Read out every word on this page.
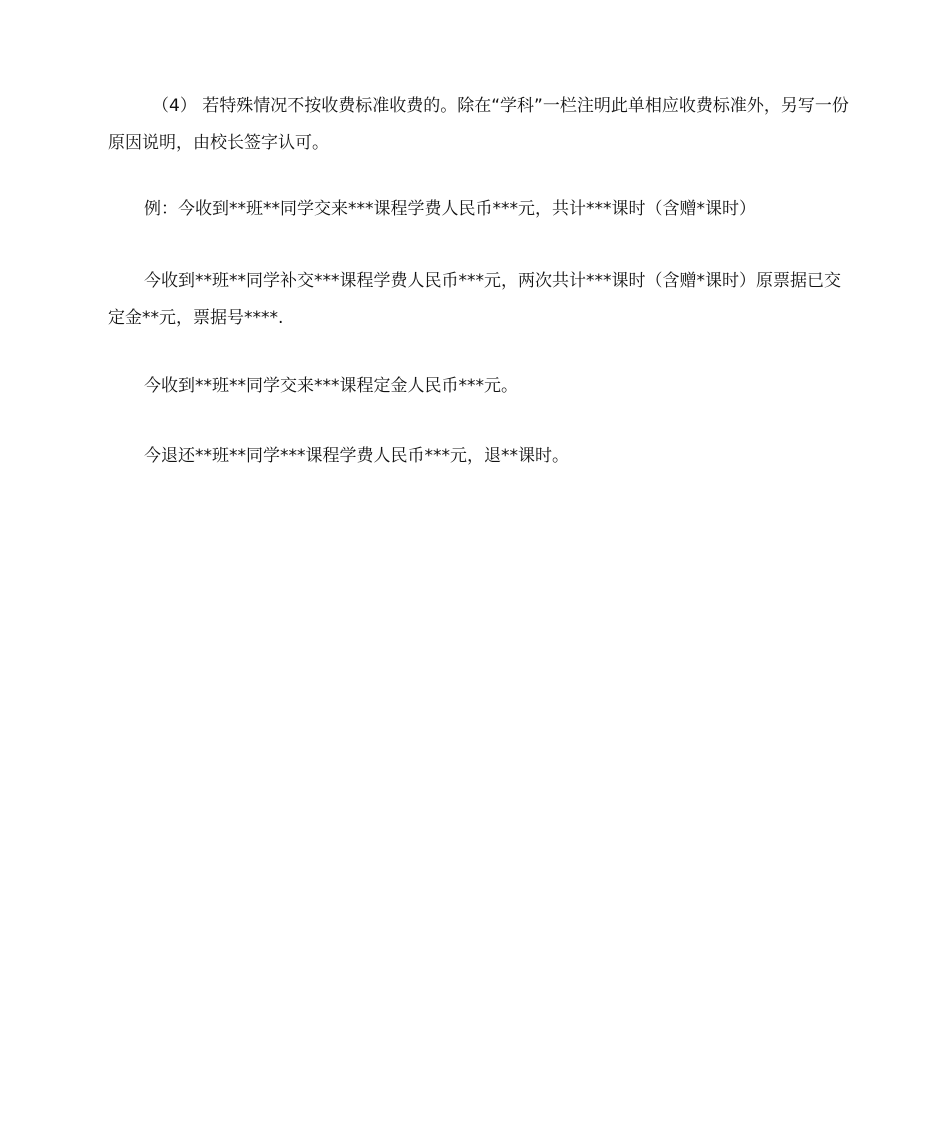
（4） 若特殊情况不按收费标准收费的。除在“学科”一栏注明此单相应收费标准外，另写一份原因说明，由校长签字认可。

例：今收到**班**同学交来***课程学费人民币***元，共计***课时（含赠*课时）

今收到**班**同学补交***课程学费人民币***元，两次共计***课时（含赠*课时）原票据已交定金**元，票据号****.

今收到**班**同学交来***课程定金人民币***元。

今退还**班**同学***课程学费人民币***元，退**课时。
